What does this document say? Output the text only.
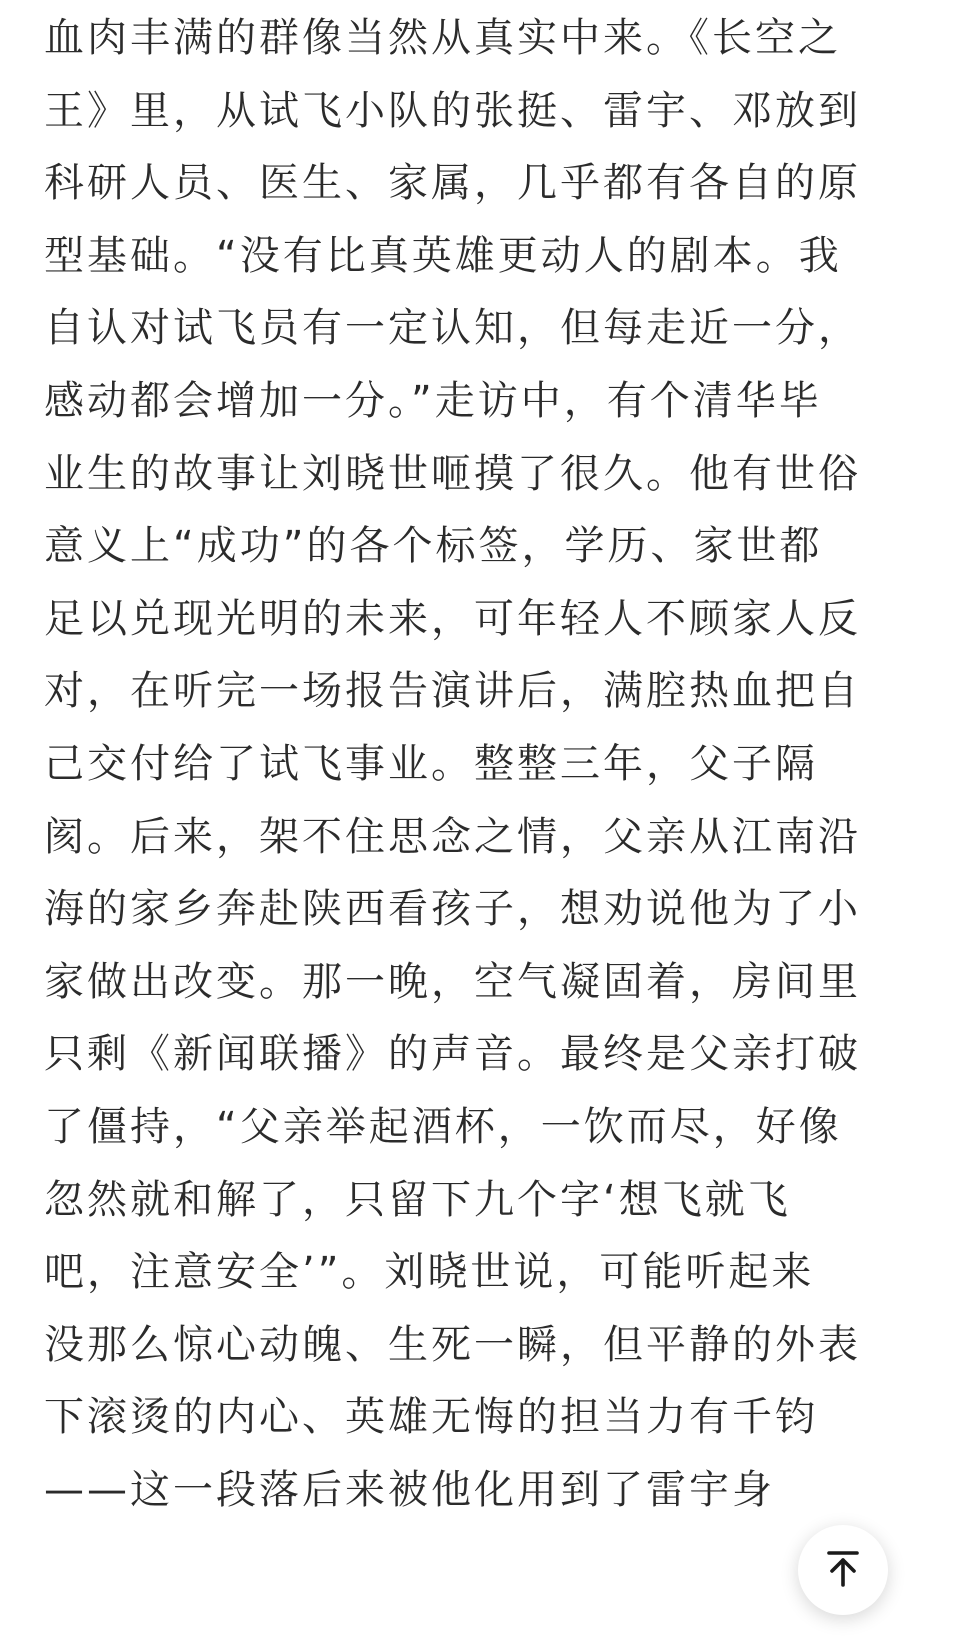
血肉丰满的群像当然从真实中来。《长空之
王》里，从试飞小队的张挺、雷宇、邓放到
科研人员、医生、家属，几乎都有各自的原
型基础。“没有比真英雄更动人的剧本。我
自认对试飞员有一定认知，但每走近一分，
感动都会增加一分。”走访中，有个清华毕
业生的故事让刘晓世咂摸了很久。他有世俗
意义上“成功”的各个标签，学历、家世都
足以兑现光明的未来，可年轻人不顾家人反
对，在听完一场报告演讲后，满腔热血把自
己交付给了试飞事业。整整三年，父子隔
阂。后来，架不住思念之情，父亲从江南沿
海的家乡奔赴陕西看孩子，想劝说他为了小
家做出改变。那一晚，空气凝固着，房间里
只剩《新闻联播》的声音。最终是父亲打破
了僵持，“父亲举起酒杯，一饮而尽，好像
忽然就和解了，只留下九个字‘想飞就飞
吧，注意安全’”。刘晓世说，可能听起来
没那么惊心动魄、生死一瞬，但平静的外表
下滚烫的内心、英雄无悔的担当力有千钧
——这一段落后来被他化用到了雷宇身
